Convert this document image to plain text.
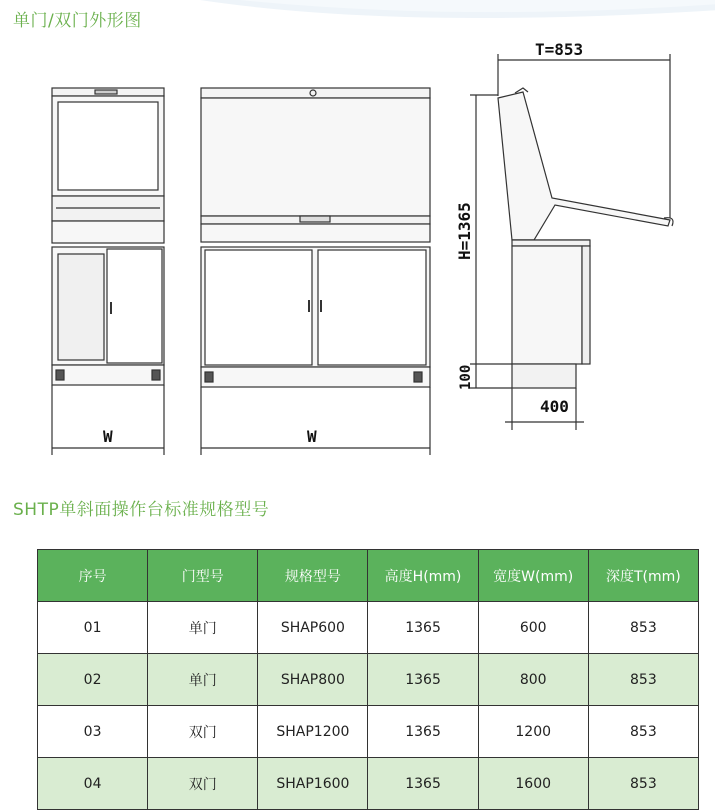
单门/双门外形图
T=853
H=1365
100
400
W	W
SHTP单斜面操作台标准规格型号
序号	门型号	规格型号	高度H(mm)	宽度W(mm)	深度T(mm)
01	单门	SHAP600	1365	600	853
02	单门	SHAP800	1365	800	853
03	双门	SHAP1200	1365	1200	853
04	双门	SHAP1600	1365	1600	853
